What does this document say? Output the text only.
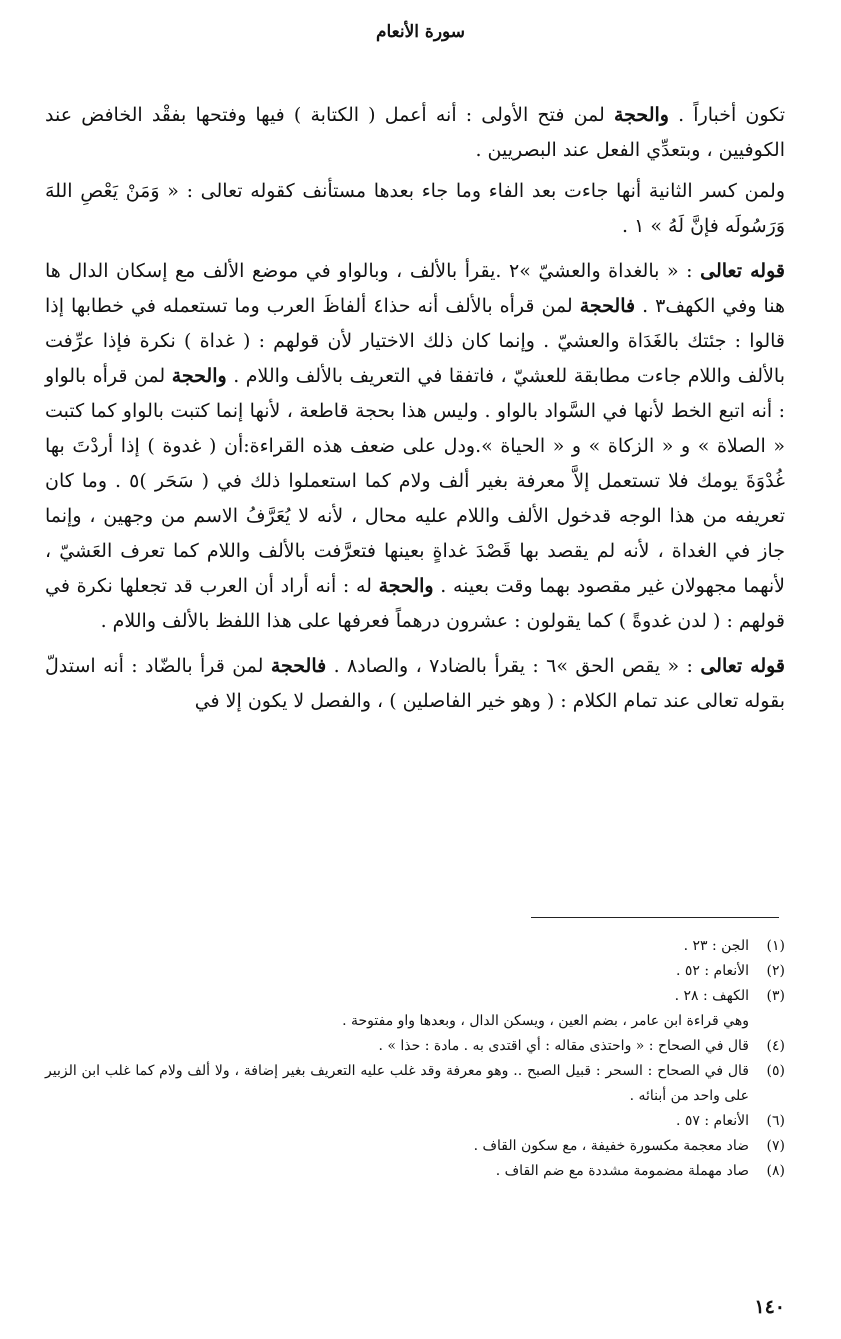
سورة الأنعام

تكون أخباراً . والحجة لمن فتح الأولى : أنه أعمل ( الكتابة ) فيها وفتحها بفقْد الخافض عند الكوفيين ، وبتعدِّي الفعل عند البصريين .

ولمن كسر الثانية أنها جاءت بعد الفاء وما جاء بعدها مستأنف كقوله تعالى : « وَمَنْ يَعْصِ اللهَ وَرَسُولَه فإنَّ لَهُ » ١ .

قوله تعالى : « بالغداة والعشيّ »٢ .يقرأ بالألف ، وبالواو في موضع الألف مع إسكان الدال ها هنا وفي الكهف٣ . فالحجة لمن قرأه بالألف أنه حذا٤ ألفاظَ العرب وما تستعمله في خطابها إذا قالوا : جئتك بالغَدَاة والعشيّ . وإنما كان ذلك الاختيار لأن قولهم : ( غداة ) نكرة فإذا عرِّفت بالألف واللام جاءت مطابقة للعشيّ ، فاتفقا في التعريف بالألف واللام . والحجة لمن قرأه بالواو : أنه اتبع الخط لأنها في السَّواد بالواو . وليس هذا بحجة قاطعة ، لأنها إنما كتبت بالواو كما كتبت « الصلاة » و « الزكاة » و « الحياة ».ودل على ضعف هذه القراءة:أن ( غدوة ) إذا أردْتَ بها غُدْوَةَ يومك فلا تستعمل إلاَّ معرفة بغير ألف ولام كما استعملوا ذلك في ( سَحَر )٥ . وما كان تعريفه من هذا الوجه قدخول الألف واللام عليه محال ، لأنه لا يُعَرَّفُ الاسم من وجهين ، وإنما جاز في الغداة ، لأنه لم يقصد بها قَصْدَ غداةٍ بعينها فتعرَّفت بالألف واللام كما تعرف العَشيّ ، لأنهما مجهولان غير مقصود بهما وقت بعينه . والحجة له : أنه أراد أن العرب قد تجعلها نكرة في قولهم : ( لدن غدوةً ) كما يقولون : عشرون درهماً فعرفها على هذا اللفظ بالألف واللام .

قوله تعالى : « يقص الحق »٦ : يقرأ بالضاد٧ ، والصاد٨ . فالحجة لمن قرأ بالضّاد : أنه استدلّ بقوله تعالى عند تمام الكلام : ( وهو خير الفاصلين ) ، والفصل لا يكون إلا في

(١)
الجن : ٢٣ .
(٢)
الأنعام : ٥٢ .
(٣)
الكهف : ٢٨ .
وهي قراءة ابن عامر ، بضم العين ، ويسكن الدال ، وبعدها واو مفتوحة .
(٤)
قال في الصحاح : « واحتذى مقاله : أي اقتدى به . مادة : حذا » .
(٥)
قال في الصحاح : السحر : قبيل الصبح .. وهو معرفة وقد غلب عليه التعريف بغير إضافة ، ولا ألف ولام كما غلب ابن الزبير على واحد من أبنائه .
(٦)
الأنعام : ٥٧ .
(٧)
ضاد معجمة مكسورة خفيفة ، مع سكون القاف .
(٨)
صاد مهملة مضمومة مشددة مع ضم القاف .
١٤٠
